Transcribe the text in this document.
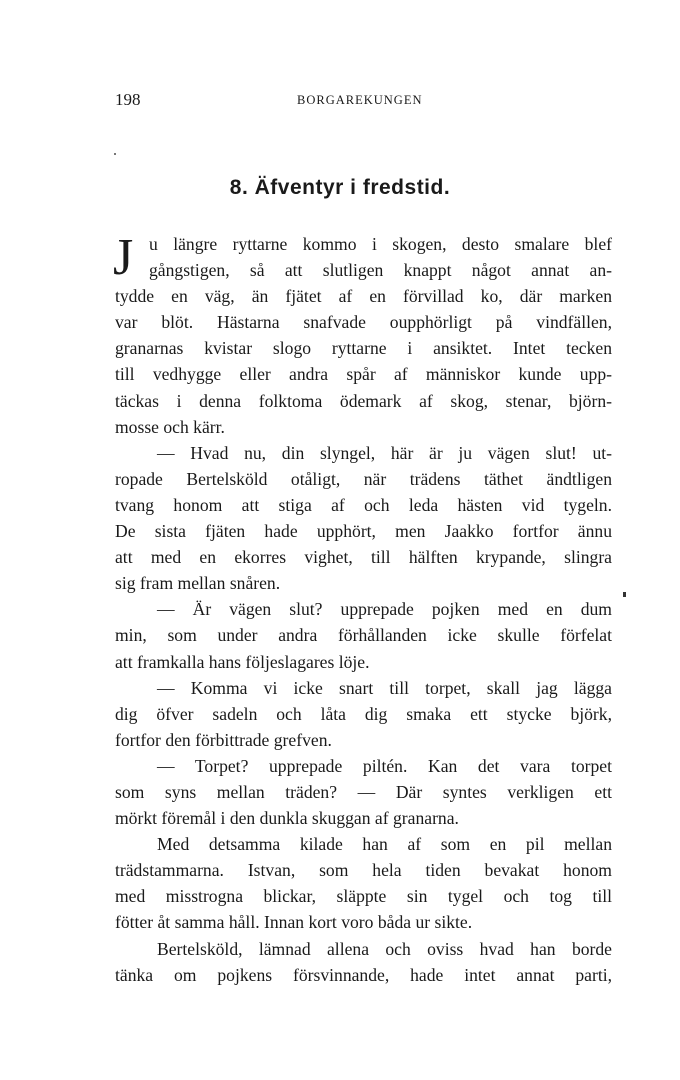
198	BORGAREKUNGEN
8. Äfventyr i fredstid.
J u längre ryttarne kommo i skogen, desto smalare blef
gångstigen, så att slutligen knappt något annat an-
tydde en väg, än fjätet af en förvillad ko, där marken
var blöt. Hästarna snafvade oupphörligt på vindfällen,
granarnas kvistar slogo ryttarne i ansiktet. Intet tecken
till vedhygge eller andra spår af människor kunde upp-
täckas i denna folktoma ödemark af skog, stenar, björn-
mosse och kärr.
— Hvad nu, din slyngel, här är ju vägen slut! ut-
ropade Bertelsköld otåligt, när trädens täthet ändtligen
tvang honom att stiga af och leda hästen vid tygeln.
De sista fjäten hade upphört, men Jaakko fortfor ännu
att med en ekorres vighet, till hälften krypande, slingra
sig fram mellan snåren.
— Är vägen slut? upprepade pojken med en dum
min, som under andra förhållanden icke skulle förfelat
att framkalla hans följeslagares löje.
— Komma vi icke snart till torpet, skall jag lägga
dig öfver sadeln och låta dig smaka ett stycke björk,
fortfor den förbittrade grefven.
— Torpet? upprepade piltén. Kan det vara torpet
som syns mellan träden? — Där syntes verkligen ett
mörkt föremål i den dunkla skuggan af granarna.
Med detsamma kilade han af som en pil mellan
trädstammarna. Istvan, som hela tiden bevakat honom
med misstrogna blickar, släppte sin tygel och tog till
fötter åt samma håll. Innan kort voro båda ur sikte.
Bertelsköld, lämnad allena och oviss hvad han borde
tänka om pojkens försvinnande, hade intet annat parti,
